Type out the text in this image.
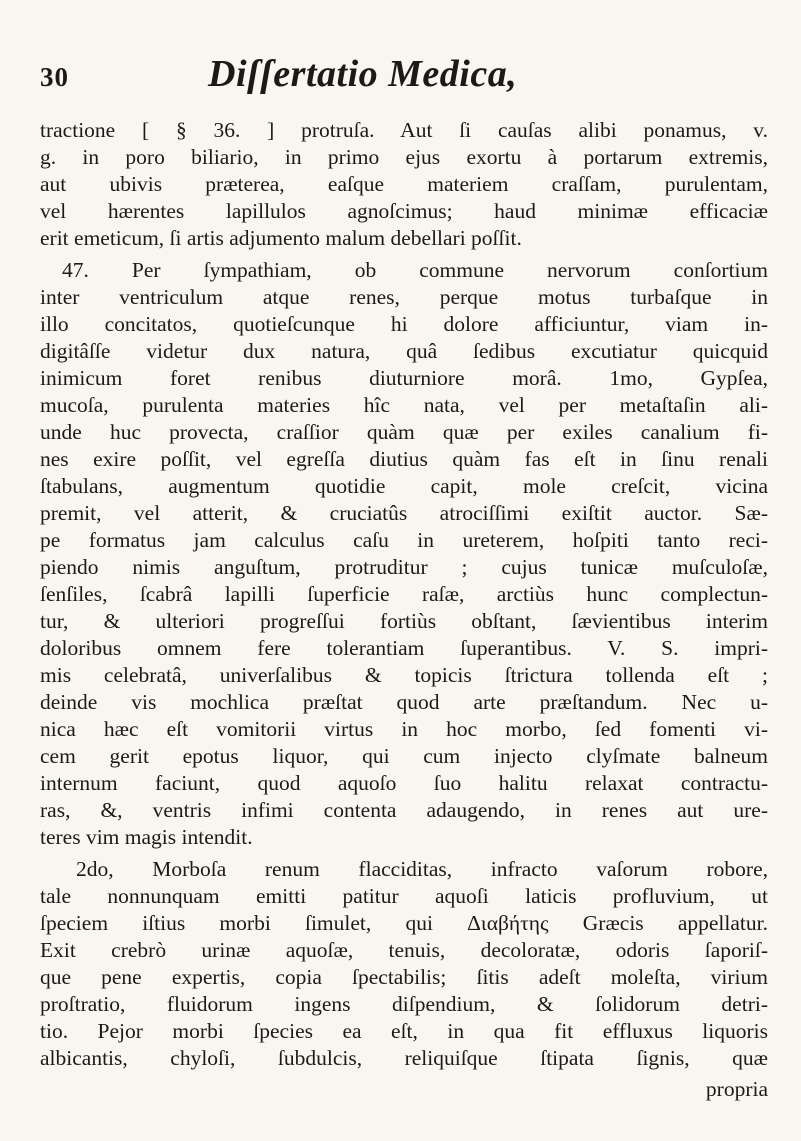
30	Diſſertatio Medica,
tractione [ § 36. ] protruſa. Aut ſi cauſas alibi ponamus, v.
g. in poro biliario, in primo ejus exortu à portarum extremis,
aut ubivis præterea, eaſque materiem craſſam, purulentam,
vel hærentes lapillulos agnoſcimus; haud minimæ efficaciæ
erit emeticum, ſi artis adjumento malum debellari poſſit.
47. Per ſympathiam, ob commune nervorum conſortium
inter ventriculum atque renes, perque motus turbaſque in
illo concitatos, quotieſcunque hi dolore afficiuntur, viam in-
digitâſſe videtur dux natura, quâ ſedibus excutiatur quicquid
inimicum foret renibus diuturniore morâ. 1mo, Gypſea,
mucoſa, purulenta materies hîc nata, vel per metaſtaſin ali-
unde huc provecta, craſſior quàm quæ per exiles canalium fi-
nes exire poſſit, vel egreſſa diutius quàm fas eſt in ſinu renali
ſtabulans, augmentum quotidie capit, mole creſcit, vicina
premit, vel atterit, & cruciatûs atrociſſimi exiſtit auctor. Sæ-
pe formatus jam calculus caſu in ureterem, hoſpiti tanto reci-
piendo nimis anguſtum, protruditur ; cujus tunicæ muſculoſæ,
ſenſiles, ſcabrâ lapilli ſuperficie raſæ, arctiùs hunc complectun-
tur, & ulteriori progreſſui fortiùs obſtant, ſævientibus interim
doloribus omnem fere tolerantiam ſuperantibus. V. S. impri-
mis celebratâ, univerſalibus & topicis ſtrictura tollenda eſt ;
deinde vis mochlica præſtat quod arte præſtandum. Nec u-
nica hæc eſt vomitorii virtus in hoc morbo, ſed fomenti vi-
cem gerit epotus liquor, qui cum injecto clyſmate balneum
internum faciunt, quod aquoſo ſuo halitu relaxat contractu-
ras, &, ventris infimi contenta adaugendo, in renes aut ure-
teres vim magis intendit.
2do, Morboſa renum flacciditas, infracto vaſorum robore,
tale nonnunquam emitti patitur aquoſi laticis profluvium, ut
ſpeciem iſtius morbi ſimulet, qui Διαβήτης Græcis appellatur.
Exit crebrò urinæ aquoſæ, tenuis, decoloratæ, odoris ſaporiſ-
que pene expertis, copia ſpectabilis; ſitis adeſt moleſta, virium
proſtratio, fluidorum ingens diſpendium, & ſolidorum detri-
tio. Pejor morbi ſpecies ea eſt, in qua fit effluxus liquoris
albicantis, chyloſi, ſubdulcis, reliquiſque ſtipata ſignis, quæ
propria
